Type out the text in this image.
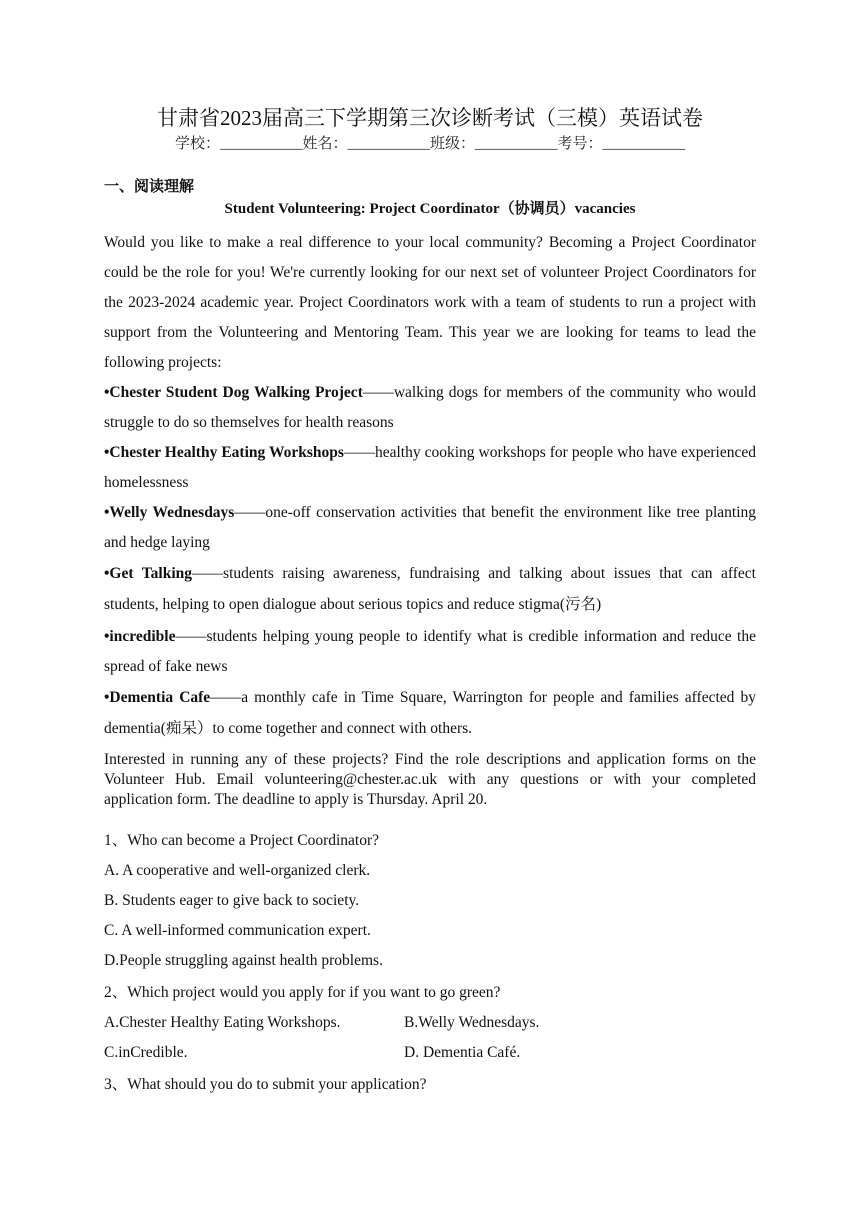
甘肃省2023届高三下学期第三次诊断考试（三模）英语试卷
学校：___________姓名：___________班级：___________考号：___________
一、阅读理解
Student Volunteering: Project Coordinator（协调员）vacancies

Would you like to make a real difference to your local community? Becoming a Project Coordinator could be the role for you! We're currently looking for our next set of volunteer Project Coordinators for the 2023-2024 academic year. Project Coordinators work with a team of students to run a project with support from the Volunteering and Mentoring Team. This year we are looking for teams to lead the following projects:

•Chester Student Dog Walking Project——walking dogs for members of the community who would struggle to do so themselves for health reasons

•Chester Healthy Eating Workshops——healthy cooking workshops for people who have experienced homelessness

•Welly Wednesdays——one-off conservation activities that benefit the environment like tree planting and hedge laying

•Get Talking——students raising awareness, fundraising and talking about issues that can affect students, helping to open dialogue about serious topics and reduce stigma(污名)

•incredible——students helping young people to identify what is credible information and reduce the spread of fake news

•Dementia Cafe——a monthly cafe in Time Square, Warrington for people and families affected by dementia(痴呆）to come together and connect with others.

Interested in running any of these projects? Find the role descriptions and application forms on the Volunteer Hub. Email volunteering@chester.ac.uk with any questions or with your completed application form. The deadline to apply is Thursday. April 20.

1、Who can become a Project Coordinator?

A. A cooperative and well-organized clerk.

B. Students eager to give back to society.

C. A well-informed communication expert.

D.People struggling against health problems.

2、Which project would you apply for if you want to go green?

A.Chester Healthy Eating Workshops.	B.Welly Wednesdays.
C.inCredible.	D. Dementia Café.

3、What should you do to submit your application?
